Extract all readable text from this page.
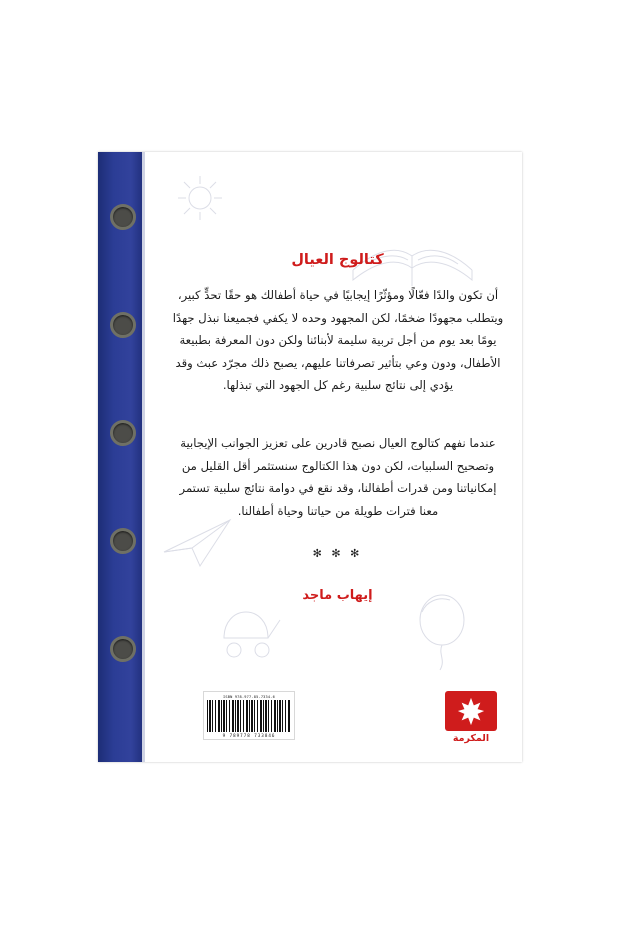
كتالوج العيال
أن تكون والدًا فعّالًا ومؤثّرًا إيجابيًا في حياة أطفالك هو حقًا تحدٍّ كبير، ويتطلب مجهودًا ضخمًا، لكن المجهود وحده لا يكفي فجميعنا نبذل جهدًا يومًا بعد يوم من أجل تربية سليمة لأبنائنا ولكن دون المعرفة بطبيعة الأطفال، ودون وعي بتأثير تصرفاتنا عليهم، يصبح ذلك مجرّد عبث وقد يؤدي إلى نتائج سلبية رغم كل الجهود التي تبذلها.
عندما نفهم كتالوج العيال نصبح قادرين على تعزيز الجوانب الإيجابية وتصحيح السلبيات، لكن دون هذا الكتالوج سنستثمر أقل القليل من إمكانياتنا ومن قدرات أطفالنا، وقد نقع في دوامة نتائج سلبية تستمر معنا فترات طويلة من حياتنا وحياة أطفالنا.
✻ ✻ ✻
إيهاب ماجد
ISBN 978-977-85-7334-6
9 789778 733846	المكرمة
